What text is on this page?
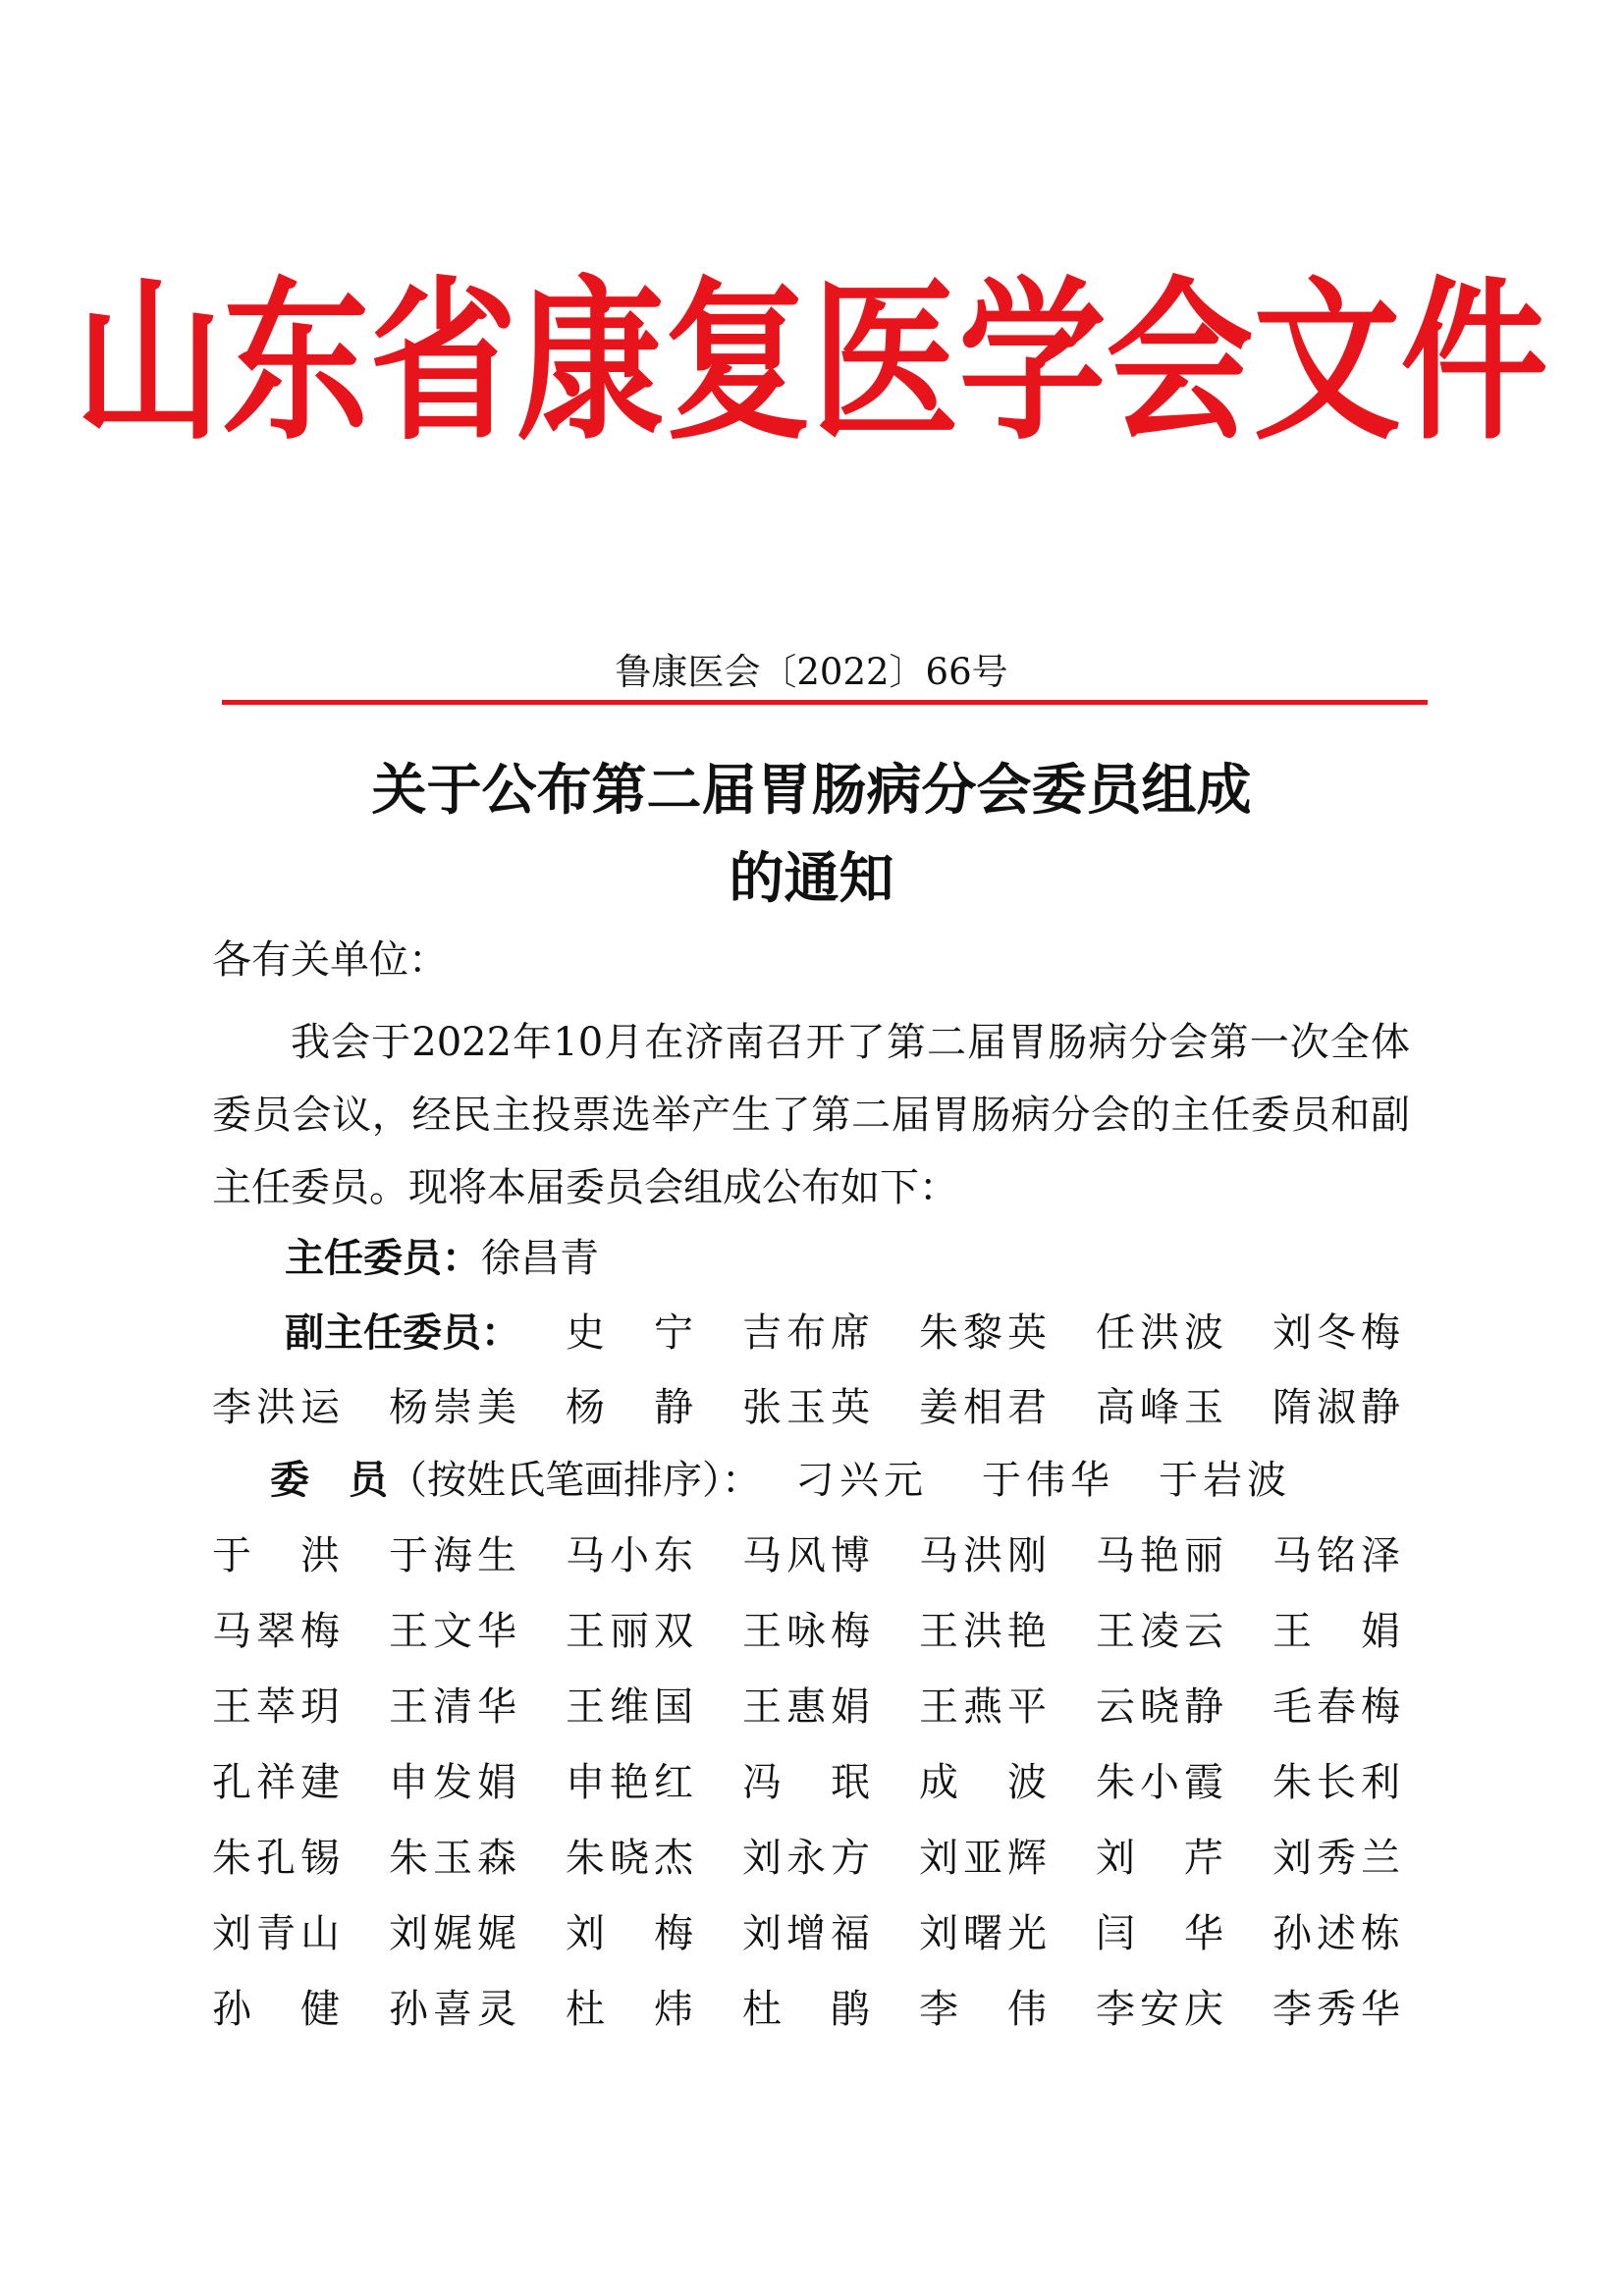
山东省康复医学会文件
鲁康医会〔2022〕66号
关于公布第二届胃肠病分会委员组成
的通知
各有关单位：
我会于2022年10月在济南召开了第二届胃肠病分会第一次全体委员会议，经民主投票选举产生了第二届胃肠病分会的主任委员和副主任委员。现将本届委员会组成公布如下：
主任委员：徐昌青
副主任委员：
委　员（按姓氏笔画排序）：
史　宁 吉布席 朱黎英 任洪波 刘冬梅
李洪运 杨崇美 杨　静 张玉英 姜相君 高峰玉 隋淑静
刁兴元 于伟华 于岩波
于　洪 于海生 马小东 马风博 马洪刚 马艳丽 马铭泽
马翠梅 王文华 王丽双 王咏梅 王洪艳 王凌云 王　娟
王萃玥 王清华 王维国 王惠娟 王燕平 云晓静 毛春梅
孔祥建 申发娟 申艳红 冯　珉 成　波 朱小霞 朱长利
朱孔锡 朱玉森 朱晓杰 刘永方 刘亚辉 刘　芹 刘秀兰
刘青山 刘娓娓 刘　梅 刘增福 刘曙光 闫　华 孙述栋
孙　健 孙喜灵 杜　炜 杜　鹃 李　伟 李安庆 李秀华
